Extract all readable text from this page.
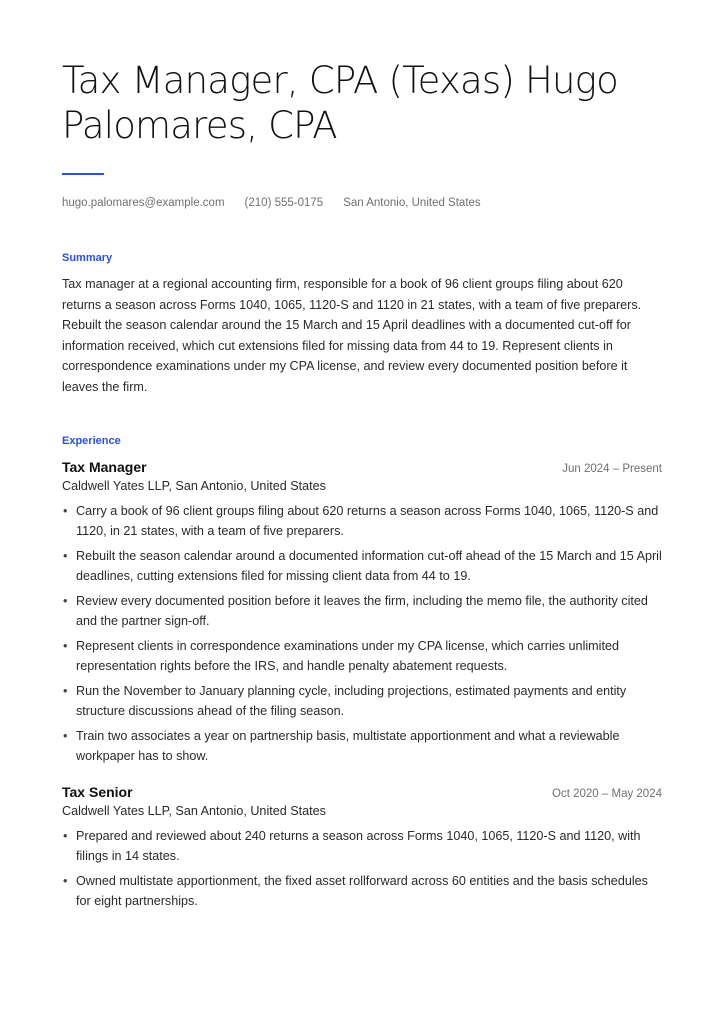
Tax Manager, CPA (Texas) Hugo Palomares, CPA
hugo.palomares@example.com (210) 555-0175 San Antonio, United States
Summary

Tax manager at a regional accounting firm, responsible for a book of 96 client groups filing about 620 returns a season across Forms 1040, 1065, 1120-S and 1120 in 21 states, with a team of five preparers. Rebuilt the season calendar around the 15 March and 15 April deadlines with a documented cut-off for information received, which cut extensions filed for missing data from 44 to 19. Represent clients in correspondence examinations under my CPA license, and review every documented position before it leaves the firm.

Experience
Tax Manager	Jun 2024 – Present
Caldwell Yates LLP, San Antonio, United States
• Carry a book of 96 client groups filing about 620 returns a season across Forms 1040, 1065, 1120-S and 1120, in 21 states, with a team of five preparers.
• Rebuilt the season calendar around a documented information cut-off ahead of the 15 March and 15 April deadlines, cutting extensions filed for missing client data from 44 to 19.
• Review every documented position before it leaves the firm, including the memo file, the authority cited and the partner sign-off.
• Represent clients in correspondence examinations under my CPA license, which carries unlimited representation rights before the IRS, and handle penalty abatement requests.
• Run the November to January planning cycle, including projections, estimated payments and entity structure discussions ahead of the filing season.
• Train two associates a year on partnership basis, multistate apportionment and what a reviewable workpaper has to show.
Tax Senior	Oct 2020 – May 2024
Caldwell Yates LLP, San Antonio, United States
• Prepared and reviewed about 240 returns a season across Forms 1040, 1065, 1120-S and 1120, with filings in 14 states.
• Owned multistate apportionment, the fixed asset rollforward across 60 entities and the basis schedules for eight partnerships.
